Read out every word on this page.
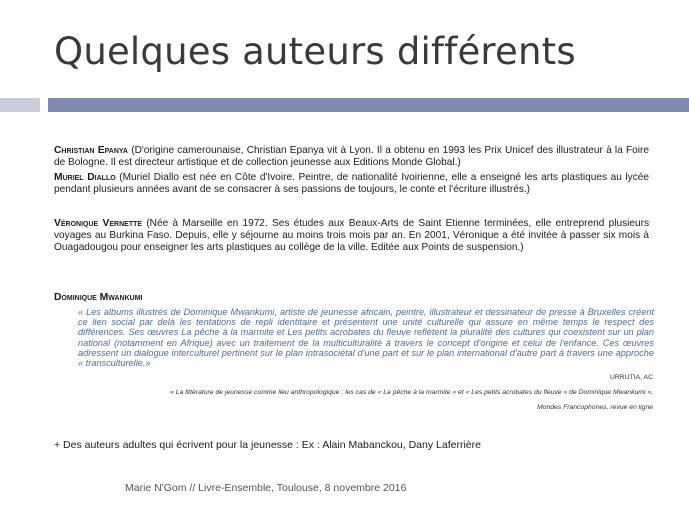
Quelques auteurs différents
Christian Epanya (D'origine camerounaise, Christian Epanya vit à Lyon. Il a obtenu en 1993 les Prix Unicef des illustrateur à la Foire de Bologne. Il est directeur artistique et de collection jeunesse aux Editions Monde Global.)
Muriel Diallo (Muriel Diallo est née en Côte d'Ivoire. Peintre, de nationalité Ivoirienne, elle a enseigné les arts plastiques au lycée pendant plusieurs années avant de se consacrer à ses passions de toujours, le conte et l'écriture illustrés.)
Véronique Vernette (Née à Marseille en 1972. Ses études aux Beaux-Arts de Saint Etienne terminées, elle entreprend plusieurs voyages au Burkina Faso. Depuis, elle y séjourne au moins trois mois par an. En 2001, Véronique a été invitée à passer six mois à Ouagadougou pour enseigner les arts plastiques au collège de la ville. Editée aux Points de suspension.)
Dominique Mwankumi
« Les albums illustrés de Dominique Mwankumi, artiste de jeunesse africain, peintre, illustrateur et dessinateur de presse à Bruxelles créent ce lien social par delà les tentations de repli identitaire et présentent une unité culturelle qui assure en même temps le respect des différences. Ses œuvres La pêche à la marmite et Les petits acrobates du fleuve reflètent la pluralité des cultures qui coexistent sur un plan national (notamment en Afrique) avec un traitement de la multiculturalité à travers le concept d'origine et celui de l'enfance. Ces œuvres adressent un dialogue interculturel pertinent sur le plan intrasociétal d'une part et sur le plan international d'autre part à travers une approche « transculturelle.»
URRUTIA, AC
« La littérature de jeunesse comme lieu anthropologique : les cas de « La pêche à la marmite » et « Les petits acrobates du fleuve » de Dominique Mwankumi »,
Mondes Francophones, revue en ligne
+ Des auteurs adultes qui écrivent pour la jeunesse : Ex : Alain Mabanckou, Dany Laferrière
Marie N'Gom // Livre-Ensemble, Toulouse, 8 novembre 2016
